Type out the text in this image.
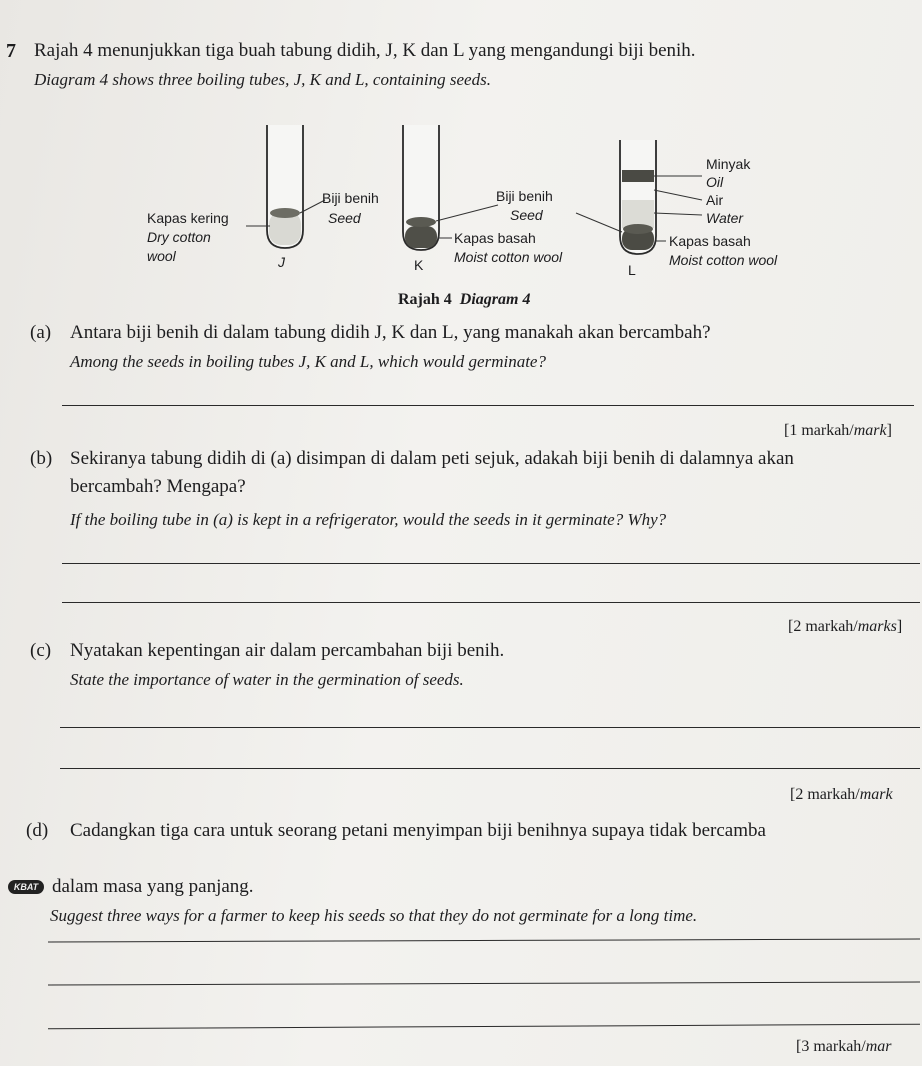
7 Rajah 4 menunjukkan tiga buah tabung didih, J, K dan L yang mengandungi biji benih.
Diagram 4 shows three boiling tubes, J, K and L, containing seeds.
Kapas kering
Dry cotton
wool
Biji benih
Seed
J
Biji benih
Seed
Kapas basah
Moist cotton wool
K
Minyak
Oil
Air
Water
Kapas basah
Moist cotton wool
L
Rajah 4 Diagram 4
(a) Antara biji benih di dalam tabung didih J, K dan L, yang manakah akan bercambah?
Among the seeds in boiling tubes J, K and L, which would germinate?
[1 markah/mark]
(b) Sekiranya tabung didih di (a) disimpan di dalam peti sejuk, adakah biji benih di dalamnya akan
bercambah? Mengapa?
If the boiling tube in (a) is kept in a refrigerator, would the seeds in it germinate? Why?
[2 markah/marks]
(c) Nyatakan kepentingan air dalam percambahan biji benih.
State the importance of water in the germination of seeds.
[2 markah/mark
(d) Cadangkan tiga cara untuk seorang petani menyimpan biji benihnya supaya tidak bercamba
KBAT dalam masa yang panjang.
Suggest three ways for a farmer to keep his seeds so that they do not germinate for a long time.
[3 markah/mar
